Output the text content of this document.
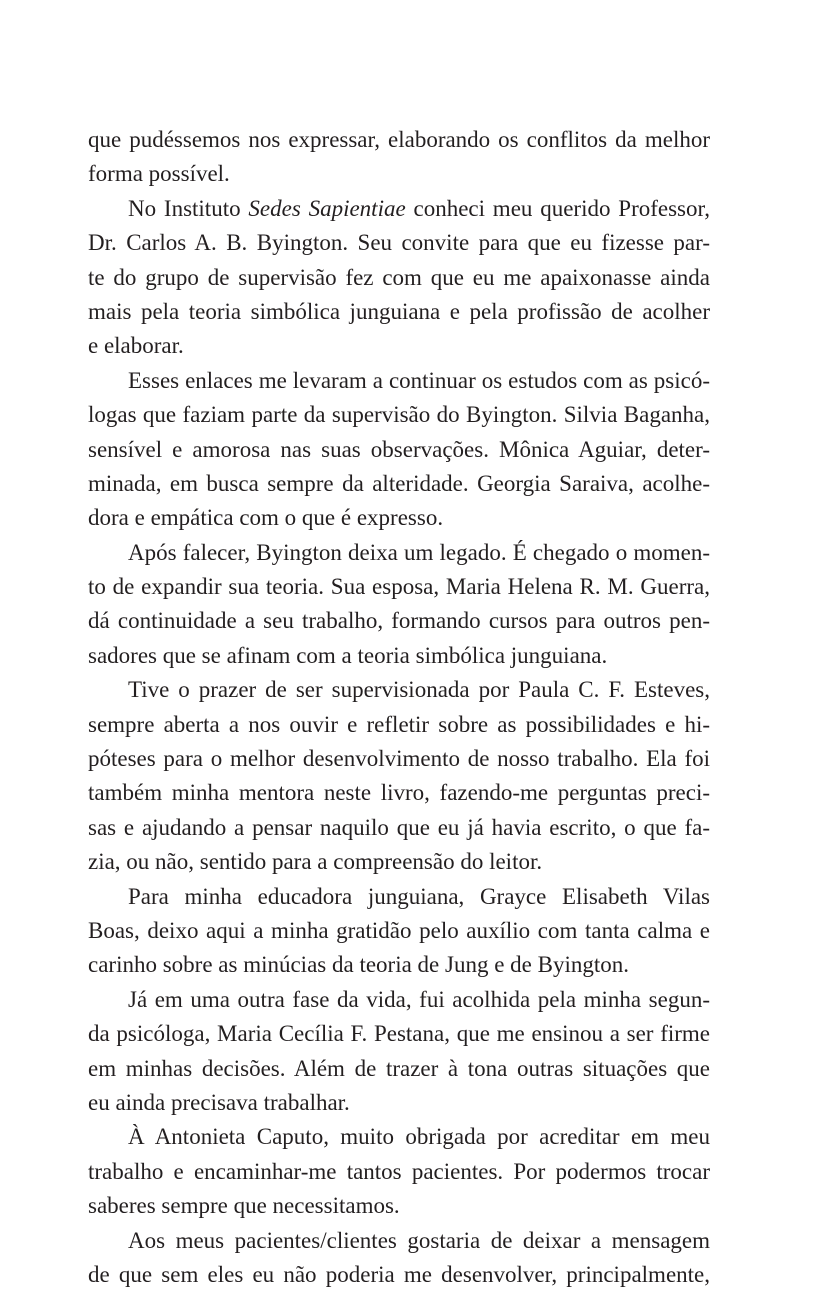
que pudéssemos nos expressar, elaborando os conflitos da melhor
forma possível.
No Instituto Sedes Sapientiae conheci meu querido Professor,
Dr. Carlos A. B. Byington. Seu convite para que eu fizesse par-
te do grupo de supervisão fez com que eu me apaixonasse ainda
mais pela teoria simbólica junguiana e pela profissão de acolher
e elaborar.
Esses enlaces me levaram a continuar os estudos com as psicó-
logas que faziam parte da supervisão do Byington. Silvia Baganha,
sensível e amorosa nas suas observações. Mônica Aguiar, deter-
minada, em busca sempre da alteridade. Georgia Saraiva, acolhe-
dora e empática com o que é expresso.
Após falecer, Byington deixa um legado. É chegado o momen-
to de expandir sua teoria. Sua esposa, Maria Helena R. M. Guerra,
dá continuidade a seu trabalho, formando cursos para outros pen-
sadores que se afinam com a teoria simbólica junguiana.
Tive o prazer de ser supervisionada por Paula C. F. Esteves,
sempre aberta a nos ouvir e refletir sobre as possibilidades e hi-
póteses para o melhor desenvolvimento de nosso trabalho. Ela foi
também minha mentora neste livro, fazendo-me perguntas preci-
sas e ajudando a pensar naquilo que eu já havia escrito, o que fa-
zia, ou não, sentido para a compreensão do leitor.
Para minha educadora junguiana, Grayce Elisabeth Vilas
Boas, deixo aqui a minha gratidão pelo auxílio com tanta calma e
carinho sobre as minúcias da teoria de Jung e de Byington.
Já em uma outra fase da vida, fui acolhida pela minha segun-
da psicóloga, Maria Cecília F. Pestana, que me ensinou a ser firme
em minhas decisões. Além de trazer à tona outras situações que
eu ainda precisava trabalhar.
À Antonieta Caputo, muito obrigada por acreditar em meu
trabalho e encaminhar-me tantos pacientes. Por podermos trocar
saberes sempre que necessitamos.
Aos meus pacientes/clientes gostaria de deixar a mensagem
de que sem eles eu não poderia me desenvolver, principalmente,
